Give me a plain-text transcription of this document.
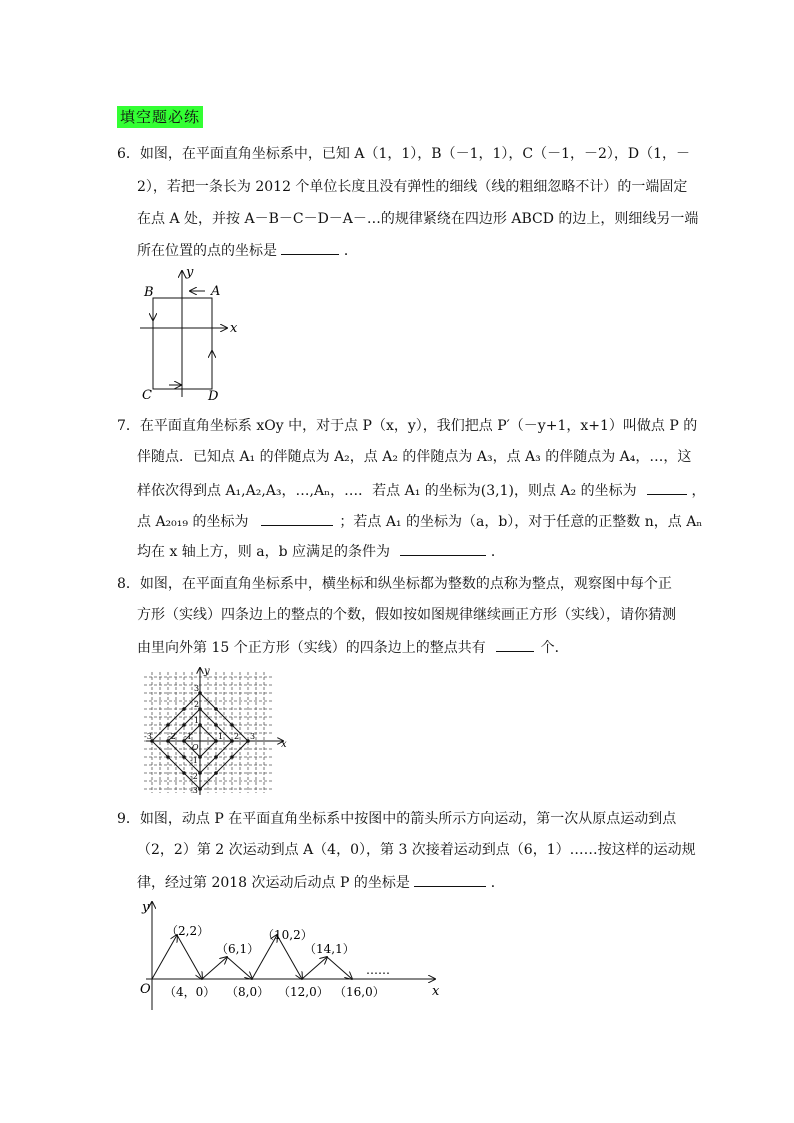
填空题必练
6．如图，在平面直角坐标系中，已知 A（1，1），B（－1，1），C（－1，－2），D（1，－
2），若把一条长为 2012 个单位长度且没有弹性的细线（线的粗细忽略不计）的一端固定
在点 A 处，并按 A－B－C－D－A－…的规律紧绕在四边形 ABCD 的边上，则细线另一端
所在位置的点的坐标是	．
x
y
A
B
C	D
7．在平面直角坐标系 xOy 中，对于点 P（x，y），我们把点 P′（－y+1，x+1）叫做点 P 的
伴随点．已知点 A₁ 的伴随点为 A₂，点 A₂ 的伴随点为 A₃，点 A₃ 的伴随点为 A₄，…，这
样依次得到点 A₁,A₂,A₃，…,Aₙ，…．若点 A₁ 的坐标为(3,1)，则点 A₂ 的坐标为	，
点 A₂₀₁₉ 的坐标为	；若点 A₁ 的坐标为（a，b），对于任意的正整数 n，点 Aₙ
均在 x 轴上方，则 a，b 应满足的条件为	．
8．如图，在平面直角坐标系中，横坐标和纵坐标都为整数的点称为整点，观察图中每个正
方形（实线）四条边上的整点的个数，假如按如图规律继续画正方形（实线），请你猜测
由里向外第 15 个正方形（实线）的四条边上的整点共有	个．
-3 -2 -1	1 2 3
3
2
1
-1
-2
-3
O	x
y
9．如图，动点 P 在平面直角坐标系中按图中的箭头所示方向运动，第一次从原点运动到点
（2，2）第 2 次运动到点 A（4，0），第 3 次接着运动到点（6，1）……按这样的运动规
律，经过第 2018 次运动后动点 P 的坐标是	．
（2,2）
（6,1）
（10,2）
（14,1）
……
（4，0） （8,0） （12,0） （16,0）
O	x
y
